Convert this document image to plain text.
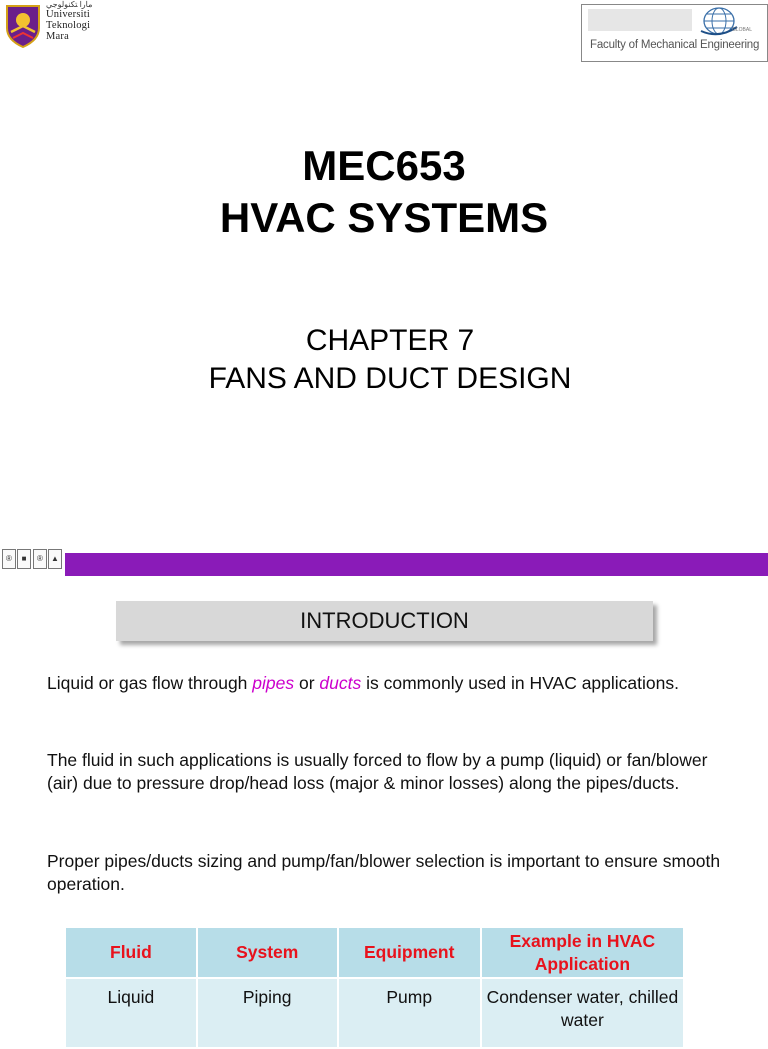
ﻣﺎرا ﺘﻜﻨﻮﻟﻮﺟﻲ
Universiti
Teknologi
Mara
GLOBAL
Faculty of Mechanical Engineering
MEC653
HVAC SYSTEMS
CHAPTER 7
FANS AND DUCT DESIGN
®	■	®	▲
INTRODUCTION
Liquid or gas flow through pipes or ducts is commonly used in HVAC applications.
The fluid in such applications is usually forced to flow by a pump (liquid) or fan/blower (air) due to pressure drop/head loss (major & minor losses) along the pipes/ducts.
Proper pipes/ducts sizing and pump/fan/blower selection is important to ensure smooth operation.
Fluid	System	Equipment	Example in HVAC Application
Liquid	Piping	Pump	Condenser water, chilled water
